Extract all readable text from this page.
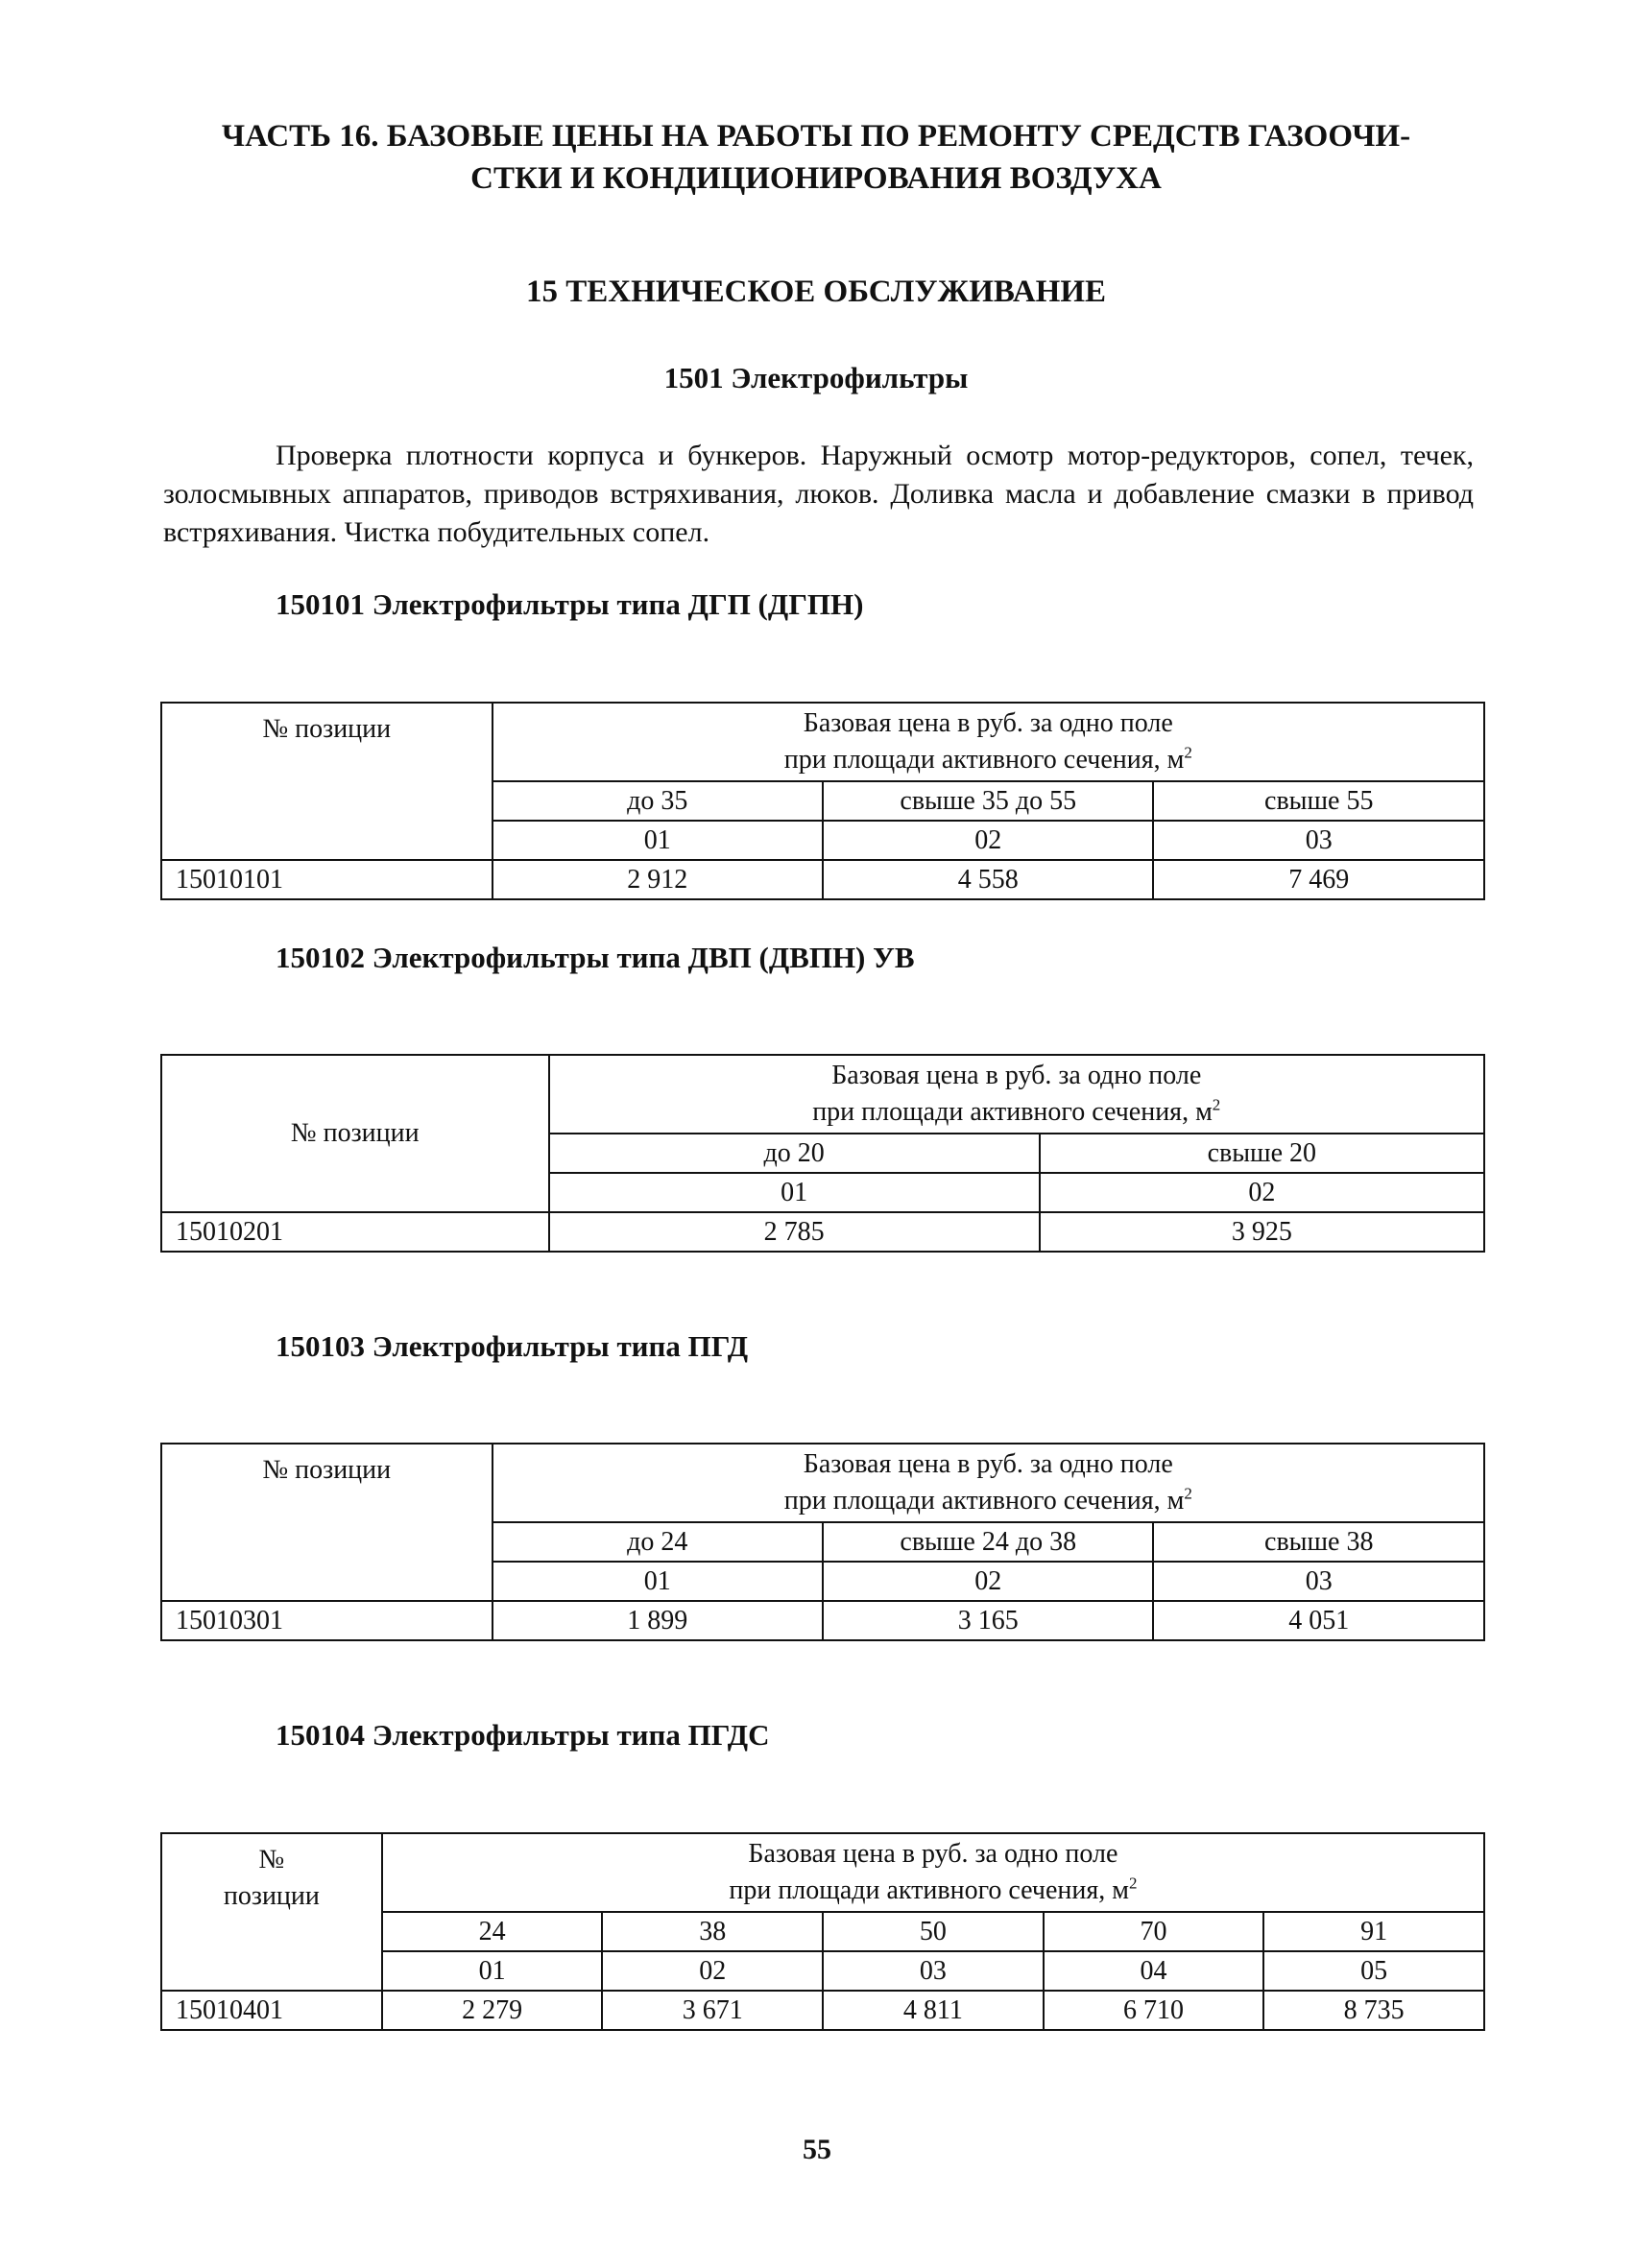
ЧАСТЬ 16. БАЗОВЫЕ ЦЕНЫ НА РАБОТЫ ПО РЕМОНТУ СРЕДСТВ ГАЗООЧИ-
СТКИ И КОНДИЦИОНИРОВАНИЯ ВОЗДУХА
15 ТЕХНИЧЕСКОЕ ОБСЛУЖИВАНИЕ
1501 Электрофильтры
Проверка плотности корпуса и бункеров. Наружный осмотр мотор-редукторов, сопел, течек, золосмывных аппаратов, приводов встряхивания, люков. Доливка масла и добавление смазки в привод встряхивания. Чистка побудительных сопел.
150101 Электрофильтры типа ДГП (ДГПН)
№ позиции	Базовая цена в руб. за одно поле
при площади активного сечения, $м^2$

	до 35	свыше 35 до 55	свыше 55
	01	02	03
15010101	2 912	4 558	7 469
150102 Электрофильтры типа ДВП (ДВПН) УВ
№ позиции	Базовая цена в руб. за одно поле
при площади активного сечения, $м^2$

	до 20	свыше 20
	01	02
15010201	2 785	3 925
150103 Электрофильтры типа ПГД
№ позиции	Базовая цена в руб. за одно поле
при площади активного сечения, $м^2$

	до 24	свыше 24 до 38	свыше 38
	01	02	03
15010301	1 899	3 165	4 051
150104 Электрофильтры типа ПГДС
№
позиции	Базовая цена в руб. за одно поле
при площади активного сечения, $м^2$

	24	38	50	70	91
	01	02	03	04	05
15010401	2 279	3 671	4 811	6 710	8 735
55
